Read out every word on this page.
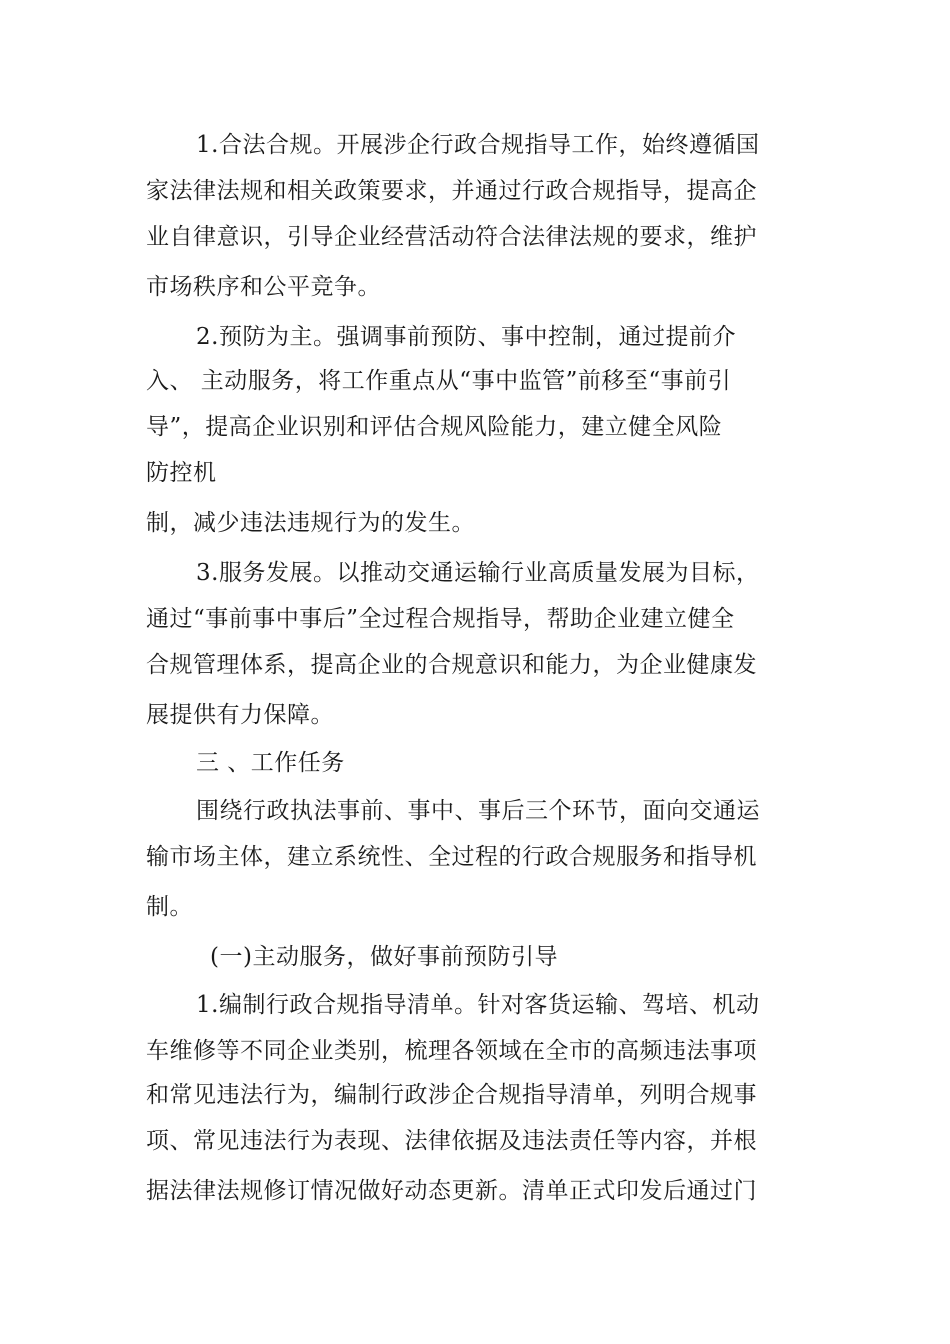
1.合法合规。开展涉企行政合规指导工作，始终遵循国
家法律法规和相关政策要求，并通过行政合规指导，提高企
业自律意识，引导企业经营活动符合法律法规的要求，维护
市场秩序和公平竞争。
2.预防为主。强调事前预防、事中控制，通过提前介
入、 主动服务，将工作重点从“事中监管”前移至“事前引
导”，提高企业识别和评估合规风险能力，建立健全风险
防控机
制，减少违法违规行为的发生。
3.服务发展。以推动交通运输行业高质量发展为目标，
通过“事前事中事后”全过程合规指导，帮助企业建立健全
合规管理体系，提高企业的合规意识和能力，为企业健康发
展提供有力保障。
三 、工作任务
围绕行政执法事前、事中、事后三个环节，面向交通运
输市场主体，建立系统性、全过程的行政合规服务和指导机
制。
(一)主动服务，做好事前预防引导
1.编制行政合规指导清单。针对客货运输、驾培、机动
车维修等不同企业类别，梳理各领域在全市的高频违法事项
和常见违法行为，编制行政涉企合规指导清单，列明合规事
项、常见违法行为表现、法律依据及违法责任等内容，并根
据法律法规修订情况做好动态更新。清单正式印发后通过门
